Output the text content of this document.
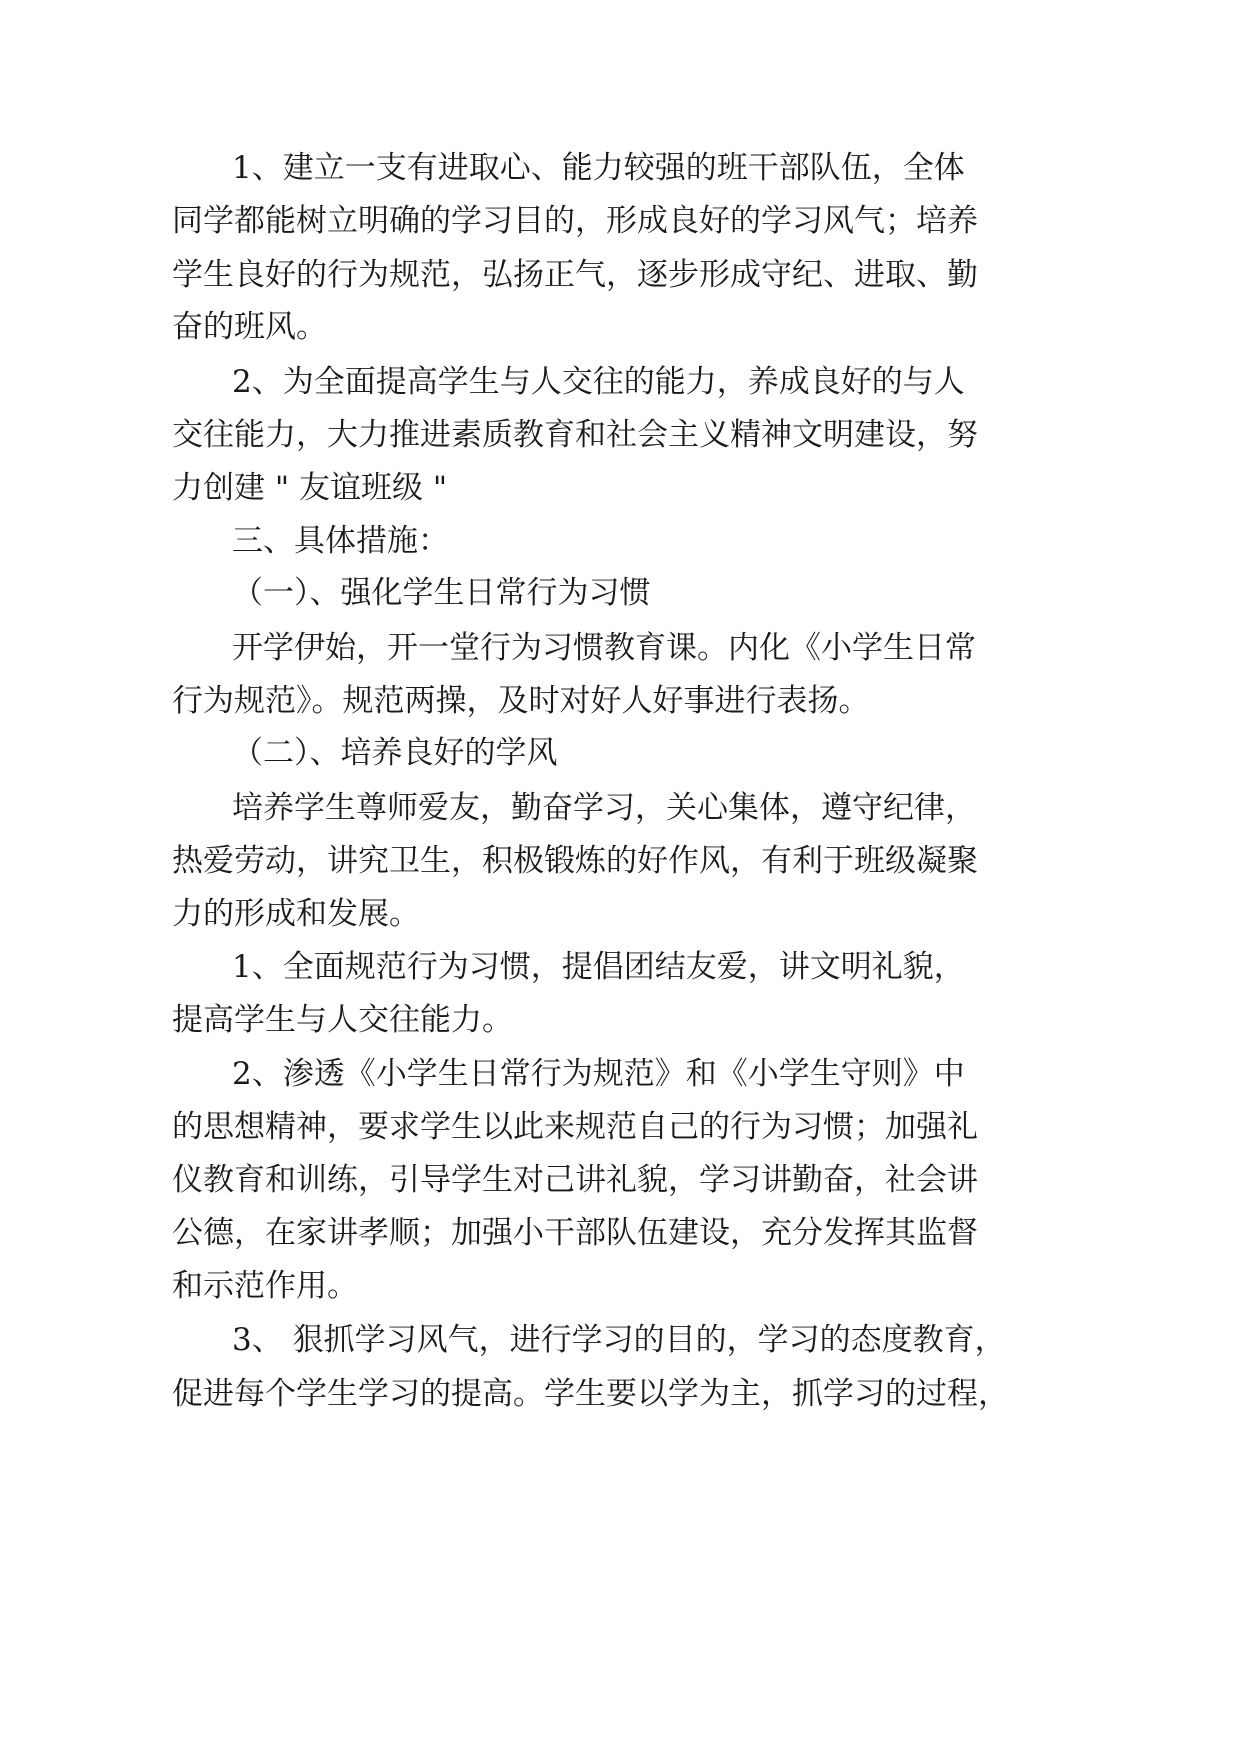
1、建立一支有进取心、能力较强的班干部队伍，全体
同学都能树立明确的学习目的，形成良好的学习风气；培养
学生良好的行为规范，弘扬正气，逐步形成守纪、进取、勤
奋的班风。
2、为全面提高学生与人交往的能力，养成良好的与人
交往能力，大力推进素质教育和社会主义精神文明建设，努
力创建 " 友谊班级 "
三、具体措施：
（一）、强化学生日常行为习惯
开学伊始，开一堂行为习惯教育课。内化《小学生日常
行为规范》。规范两操，及时对好人好事进行表扬。
（二）、培养良好的学风
培养学生尊师爱友，勤奋学习，关心集体，遵守纪律，
热爱劳动，讲究卫生，积极锻炼的好作风，有利于班级凝聚
力的形成和发展。
1、全面规范行为习惯，提倡团结友爱，讲文明礼貌，
提高学生与人交往能力。
2、渗透《小学生日常行为规范》和《小学生守则》中
的思想精神，要求学生以此来规范自己的行为习惯；加强礼
仪教育和训练，引导学生对己讲礼貌，学习讲勤奋，社会讲
公德，在家讲孝顺；加强小干部队伍建设，充分发挥其监督
和示范作用。
3、 狠抓学习风气，进行学习的目的，学习的态度教育，
促进每个学生学习的提高。学生要以学为主，抓学习的过程，
